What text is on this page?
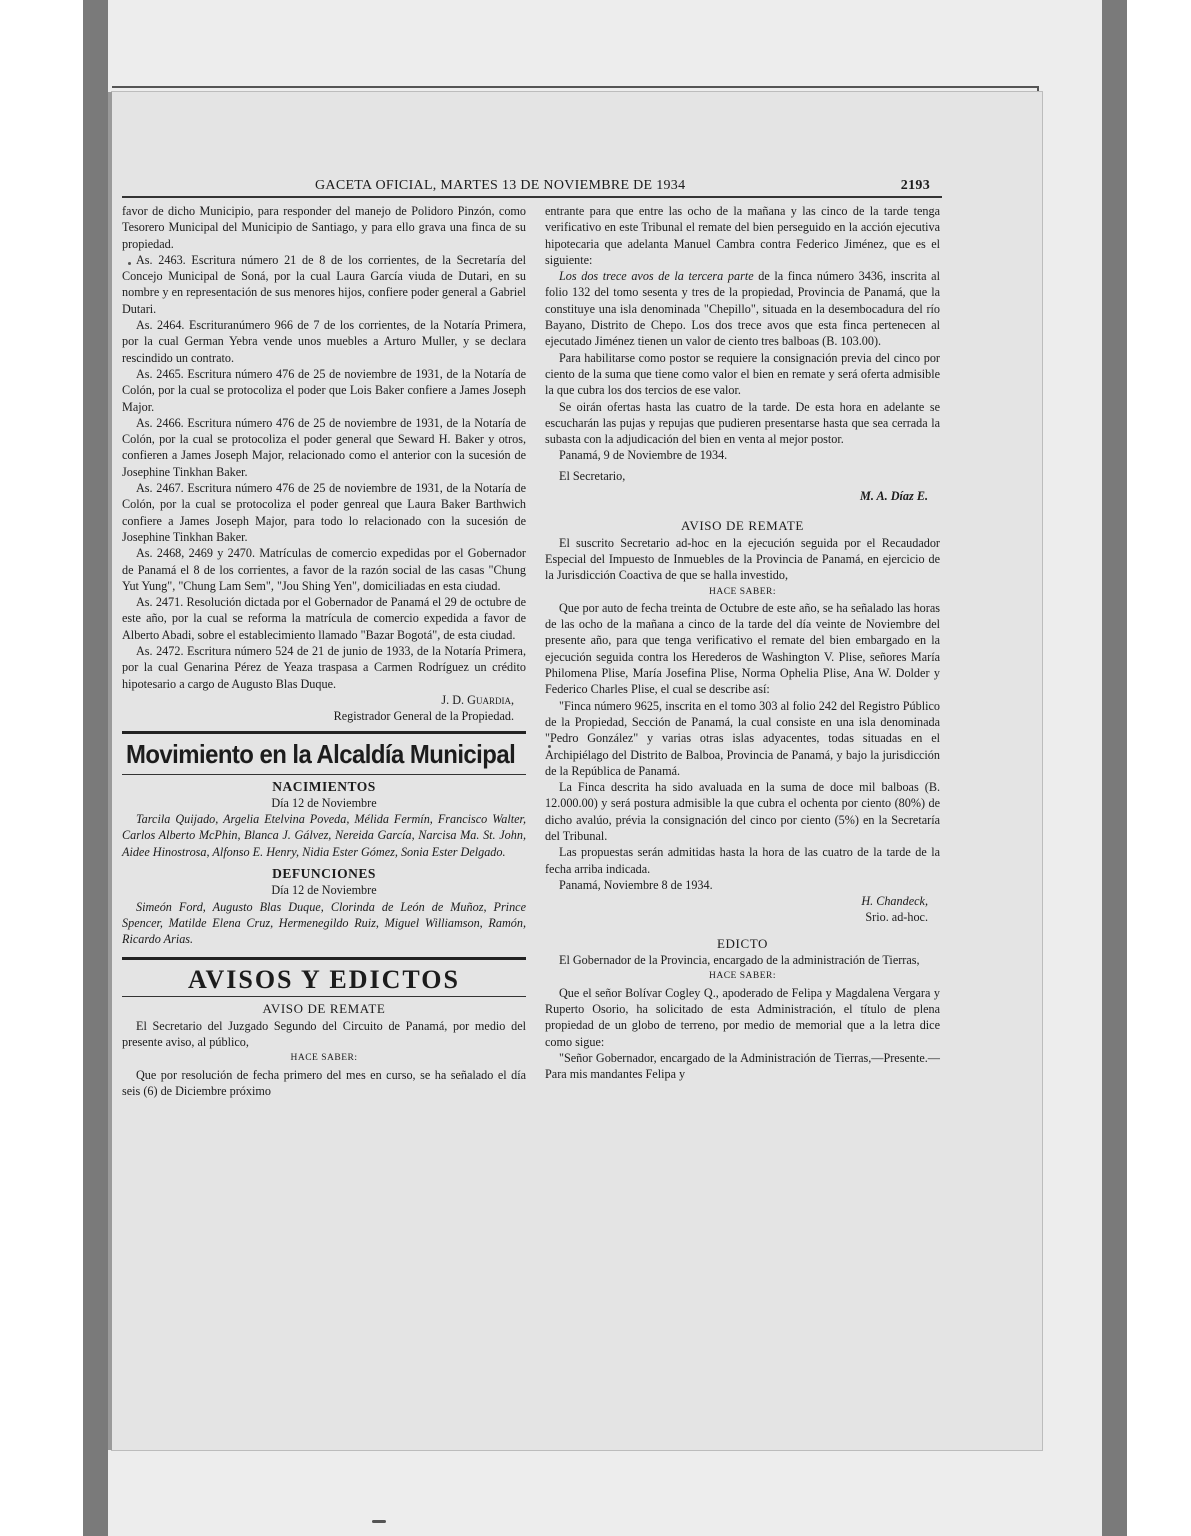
GACETA OFICIAL, MARTES 13 DE NOVIEMBRE DE 1934	2193

favor de dicho Municipio, para responder del manejo de Polidoro Pinzón, como Tesorero Municipal del Municipio de Santiago, y para ello grava una finca de su propiedad.

As. 2463. Escritura número 21 de 8 de los corrientes, de la Secretaría del Concejo Municipal de Soná, por la cual Laura García viuda de Dutari, en su nombre y en representación de sus menores hijos, confiere poder general a Gabriel Dutari.

As. 2464. Escrituranúmero 966 de 7 de los corrientes, de la Notaría Primera, por la cual German Yebra vende unos muebles a Arturo Muller, y se declara rescindido un contrato.

As. 2465. Escritura número 476 de 25 de noviembre de 1931, de la Notaría de Colón, por la cual se protocoliza el poder que Lois Baker confiere a James Joseph Major.

As. 2466. Escritura número 476 de 25 de noviembre de 1931, de la Notaría de Colón, por la cual se protocoliza el poder general que Seward H. Baker y otros, confieren a James Joseph Major, relacionado como el anterior con la sucesión de Josephine Tinkhan Baker.

As. 2467. Escritura número 476 de 25 de noviembre de 1931, de la Notaría de Colón, por la cual se protocoliza el poder genreal que Laura Baker Barthwich confiere a James Joseph Major, para todo lo relacionado con la sucesión de Josephine Tinkhan Baker.

As. 2468, 2469 y 2470. Matrículas de comercio expedidas por el Gobernador de Panamá el 8 de los corrientes, a favor de la razón social de las casas "Chung Yut Yung", "Chung Lam Sem", "Jou Shing Yen", domiciliadas en esta ciudad.

As. 2471. Resolución dictada por el Gobernador de Panamá el 29 de octubre de este año, por la cual se reforma la matrícula de comercio expedida a favor de Alberto Abadi, sobre el establecimiento llamado "Bazar Bogotá", de esta ciudad.

As. 2472. Escritura número 524 de 21 de junio de 1933, de la Notaría Primera, por la cual Genarina Pérez de Yeaza traspasa a Carmen Rodríguez un crédito hipotesario a cargo de Augusto Blas Duque.

J. D. Guardia,

Registrador General de la Propiedad.

Movimiento en la Alcaldía Municipal
NACIMIENTOS

Día 12 de Noviembre

Tarcila Quijado, Argelia Etelvina Poveda, Mélida Fermín, Francisco Walter, Carlos Alberto McPhin, Blanca J. Gálvez, Nereida García, Narcisa Ma. St. John, Aidee Hinostrosa, Alfonso E. Henry, Nidia Ester Gómez, Sonia Ester Delgado.

DEFUNCIONES

Día 12 de Noviembre

Simeón Ford, Augusto Blas Duque, Clorinda de León de Muñoz, Prince Spencer, Matilde Elena Cruz, Hermenegildo Ruiz, Miguel Williamson, Ramón, Ricardo Arias.

AVISOS Y EDICTOS
AVISO DE REMATE

El Secretario del Juzgado Segundo del Circuito de Panamá, por medio del presente aviso, al público,

HACE SABER:

Que por resolución de fecha primero del mes en curso, se ha señalado el día seis (6) de Diciembre próximo

entrante para que entre las ocho de la mañana y las cinco de la tarde tenga verificativo en este Tribunal el remate del bien perseguido en la acción ejecutiva hipotecaria que adelanta Manuel Cambra contra Federico Jiménez, que es el siguiente:

Los dos trece avos de la tercera parte de la finca número 3436, inscrita al folio 132 del tomo sesenta y tres de la propiedad, Provincia de Panamá, que la constituye una isla denominada "Chepillo", situada en la desembocadura del río Bayano, Distrito de Chepo. Los dos trece avos que esta finca pertenecen al ejecutado Jiménez tienen un valor de ciento tres balboas (B. 103.00).

Para habilitarse como postor se requiere la consignación previa del cinco por ciento de la suma que tiene como valor el bien en remate y será oferta admisible la que cubra los dos tercios de ese valor.

Se oirán ofertas hasta las cuatro de la tarde. De esta hora en adelante se escucharán las pujas y repujas que pudieren presentarse hasta que sea cerrada la subasta con la adjudicación del bien en venta al mejor postor.

Panamá, 9 de Noviembre de 1934.

El Secretario,

M. A. Díaz E.

AVISO DE REMATE

El suscrito Secretario ad-hoc en la ejecución seguida por el Recaudador Especial del Impuesto de Inmuebles de la Provincia de Panamá, en ejercicio de la Jurisdicción Coactiva de que se halla investido,

HACE SABER:

Que por auto de fecha treinta de Octubre de este año, se ha señalado las horas de las ocho de la mañana a cinco de la tarde del día veinte de Noviembre del presente año, para que tenga verificativo el remate del bien embargado en la ejecución seguida contra los Herederos de Washington V. Plise, señores María Philomena Plise, María Josefina Plise, Norma Ophelia Plise, Ana W. Dolder y Federico Charles Plise, el cual se describe así:

"Finca número 9625, inscrita en el tomo 303 al folio 242 del Registro Público de la Propiedad, Sección de Panamá, la cual consiste en una isla denominada "Pedro González" y varias otras islas adyacentes, todas situadas en el Archipiélago del Distrito de Balboa, Provincia de Panamá, y bajo la jurisdicción de la República de Panamá.

La Finca descrita ha sido avaluada en la suma de doce mil balboas (B. 12.000.00) y será postura admisible la que cubra el ochenta por ciento (80%) de dicho avalúo, prévia la consignación del cinco por ciento (5%) en la Secretaría del Tribunal.

Las propuestas serán admitidas hasta la hora de las cuatro de la tarde de la fecha arriba indicada.

Panamá, Noviembre 8 de 1934.

H. Chandeck,

Srio. ad-hoc.

EDICTO

El Gobernador de la Provincia, encargado de la administración de Tierras,

HACE SABER:

Que el señor Bolívar Cogley Q., apoderado de Felipa y Magdalena Vergara y Ruperto Osorio, ha solicitado de esta Administración, el título de plena propiedad de un globo de terreno, por medio de memorial que a la letra dice como sigue:

"Señor Gobernador, encargado de la Administración de Tierras,—Presente.—Para mis mandantes Felipa y
